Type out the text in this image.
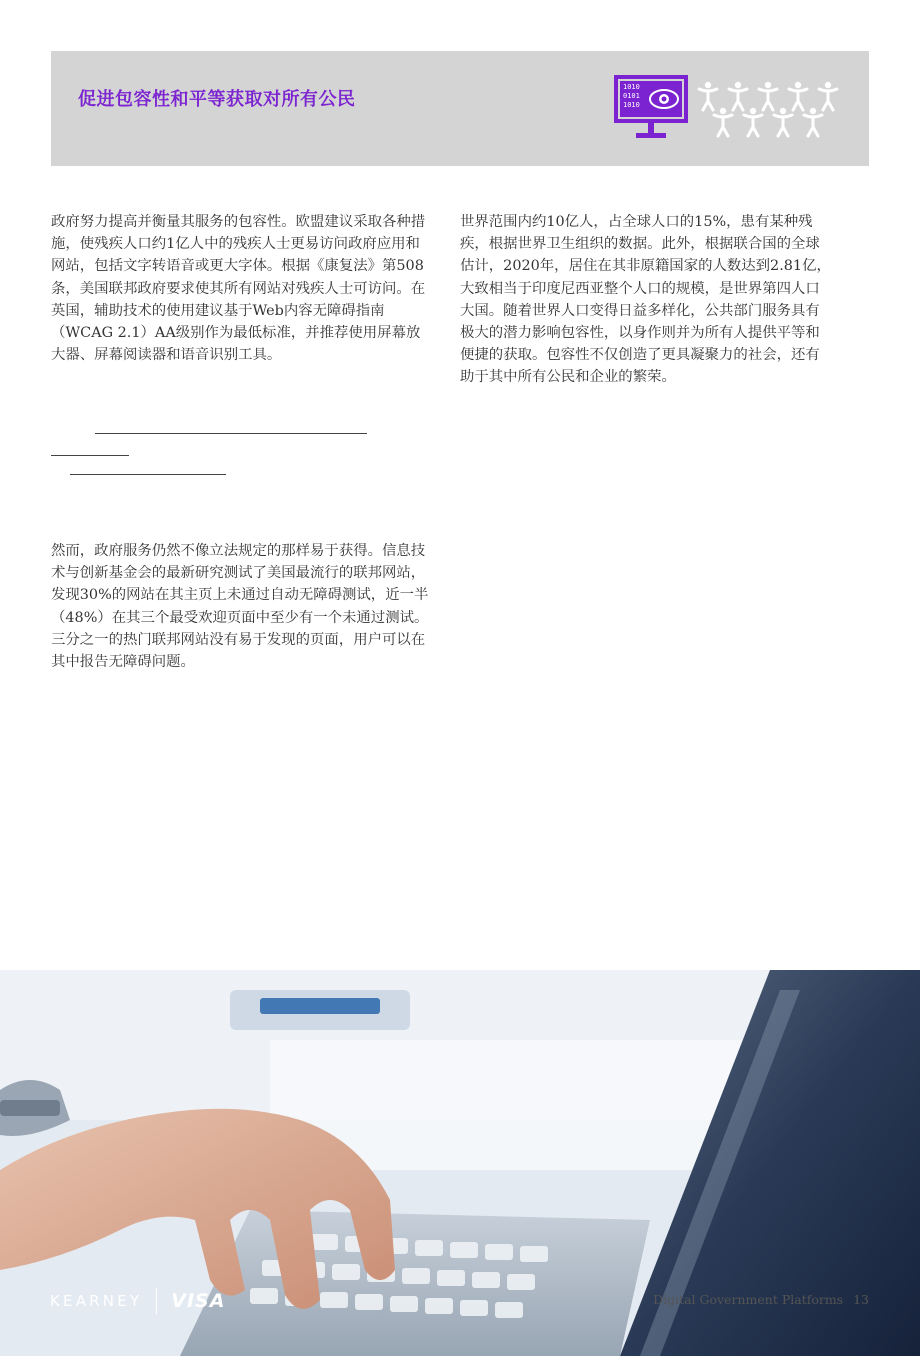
促进包容性和平等获取对所有公民
1010
0101
1010

政府努力提高并衡量其服务的包容性。欧盟建议采取各种措施，使残疾人口约1亿人中的残疾人士更易访问政府应用和网站，包括文字转语音或更大字体。根据《康复法》第508条，美国联邦政府要求使其所有网站对残疾人士可访问。在英国，辅助技术的使用建议基于Web内容无障碍指南（WCAG 2.1）AA级别作为最低标准，并推荐使用屏幕放大器、屏幕阅读器和语音识别工具。

然而，政府服务仍然不像立法规定的那样易于获得。信息技术与创新基金会的最新研究测试了美国最流行的联邦网站，发现30%的网站在其主页上未通过自动无障碍测试，近一半（48%）在其三个最受欢迎页面中至少有一个未通过测试。三分之一的热门联邦网站没有易于发现的页面，用户可以在其中报告无障碍问题。

世界范围内约10亿人，占全球人口的15%，患有某种残疾，根据世界卫生组织的数据。此外，根据联合国的全球估计，2020年，居住在其非原籍国家的人数达到2.81亿，大致相当于印度尼西亚整个人口的规模，是世界第四人口大国。随着世界人口变得日益多样化，公共部门服务具有极大的潜力影响包容性，以身作则并为所有人提供平等和便捷的获取。包容性不仅创造了更具凝聚力的社会，还有助于其中所有公民和企业的繁荣。

KEARNEY VISA	Digital Government Platforms 13
